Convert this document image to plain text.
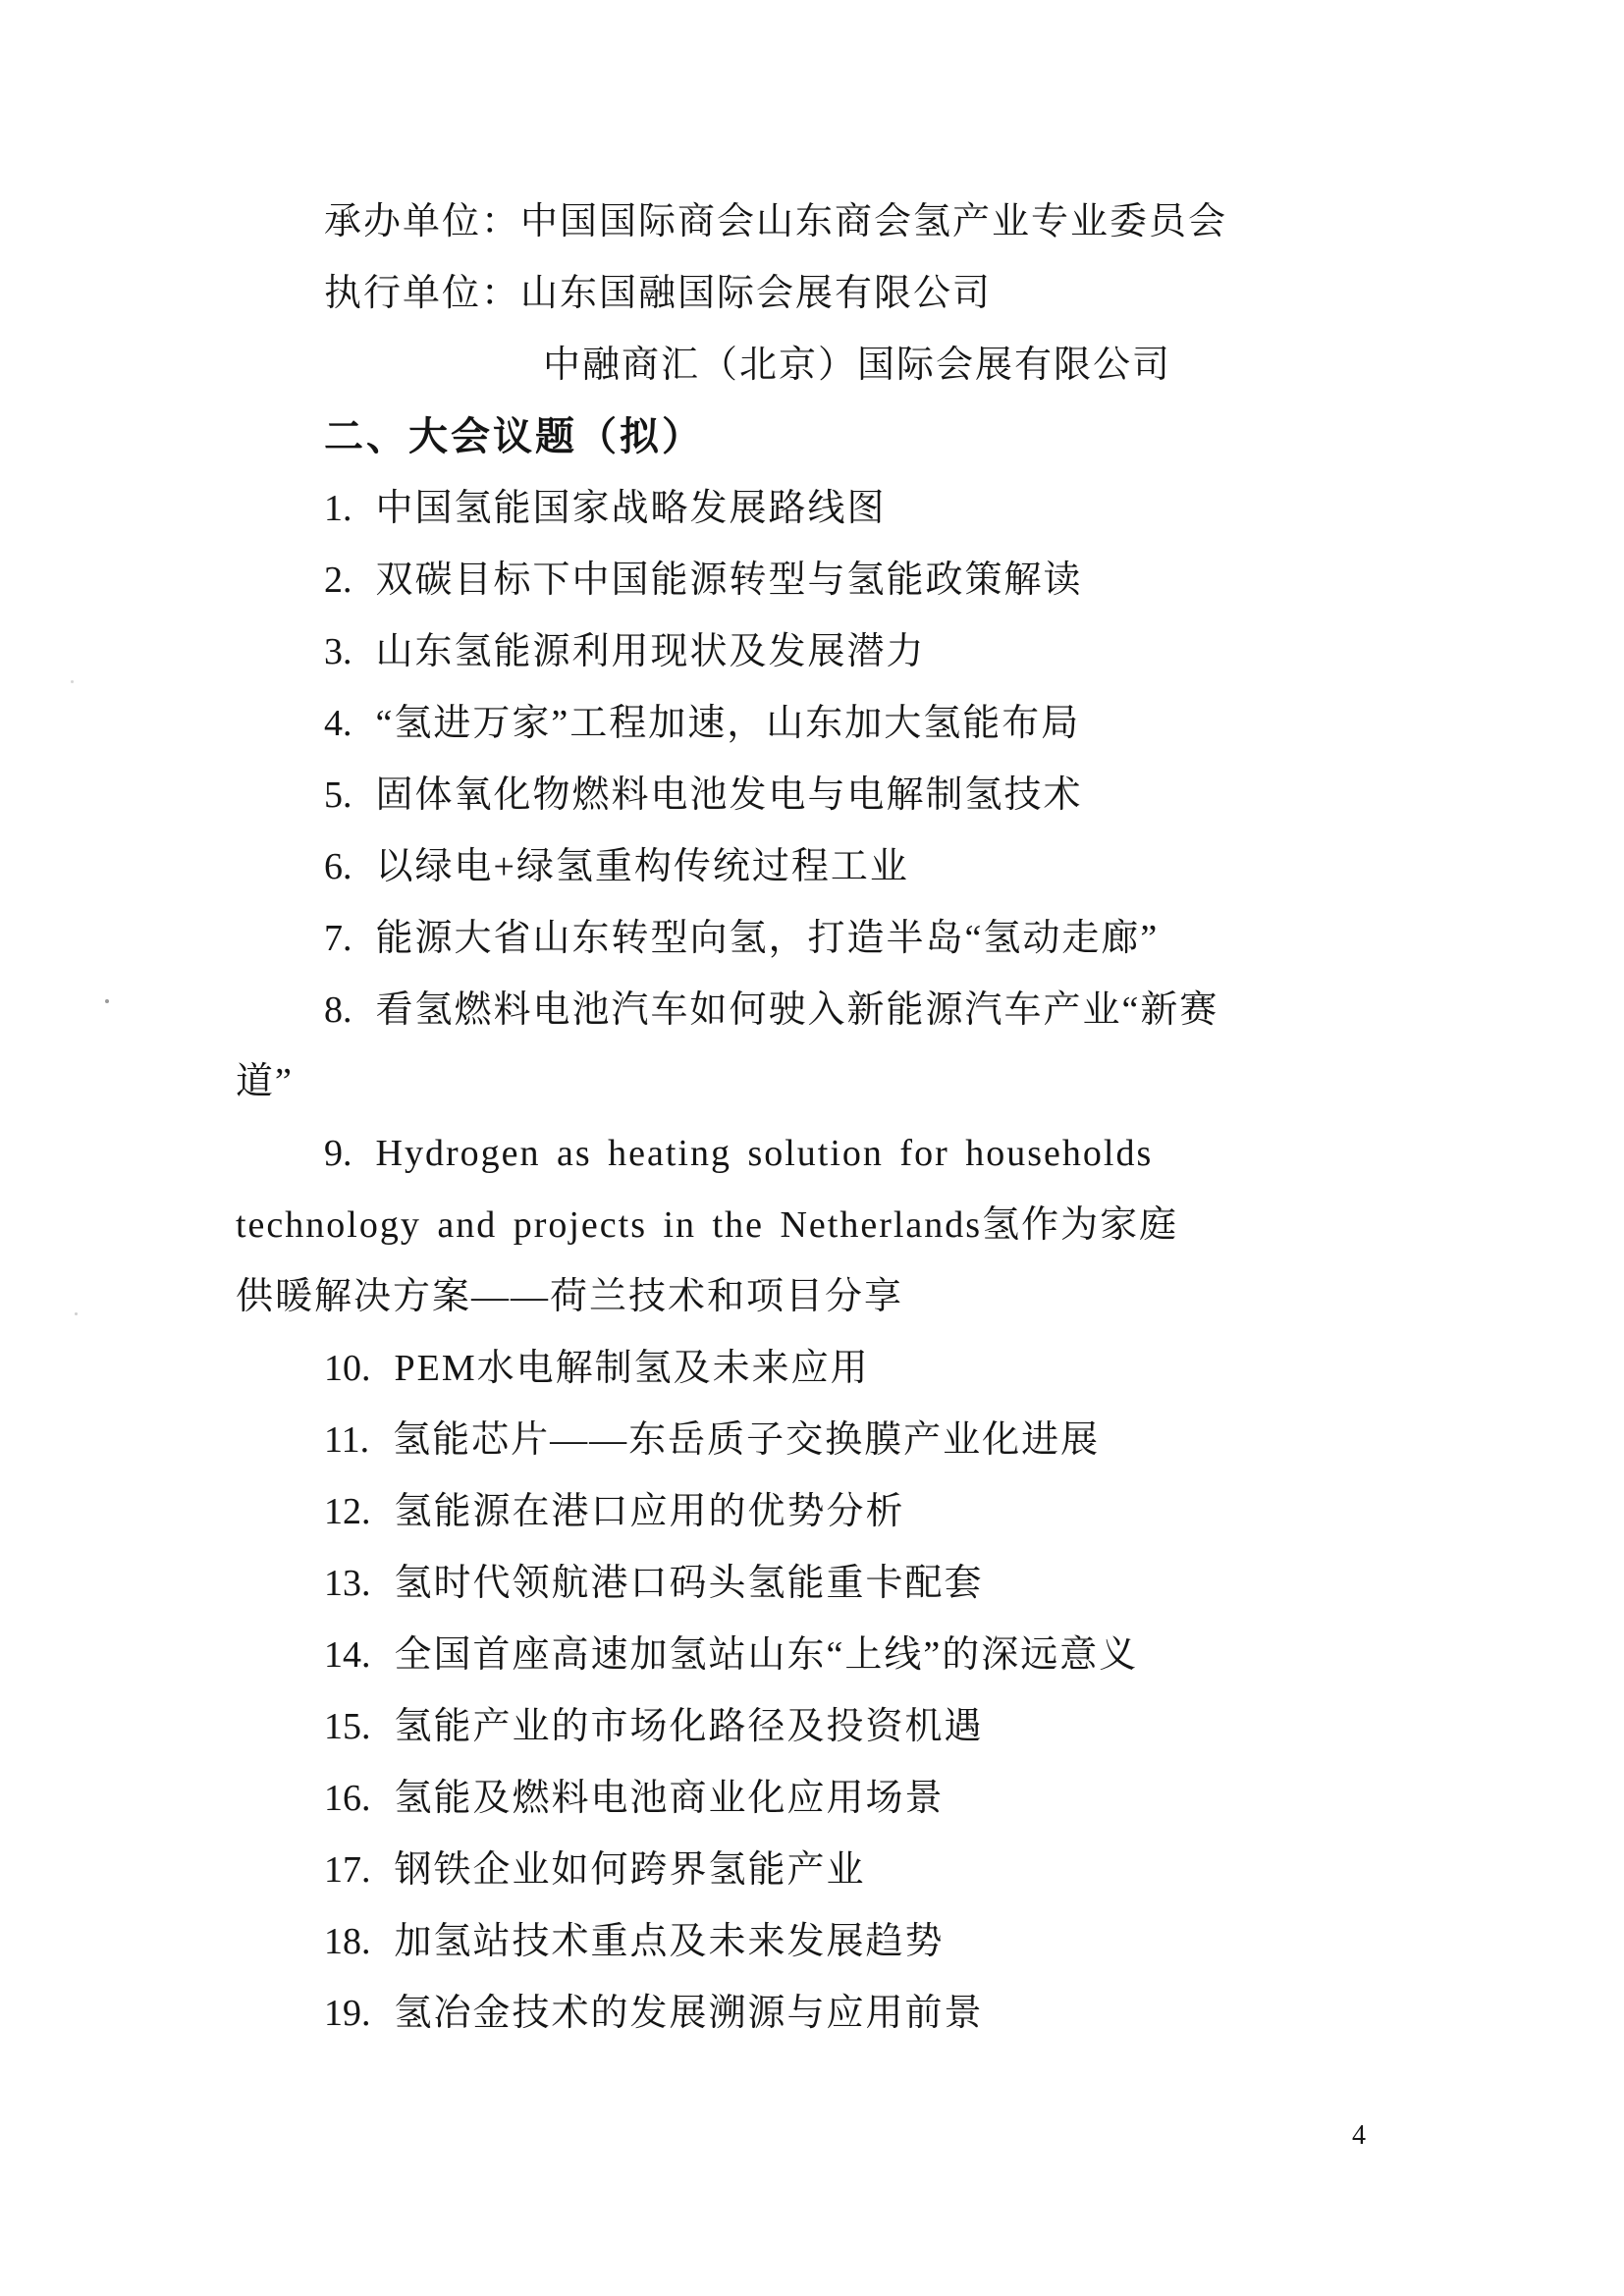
承办单位：中国国际商会山东商会氢产业专业委员会
执行单位：山东国融国际会展有限公司
中融商汇（北京）国际会展有限公司
二、大会议题（拟）
1. 中国氢能国家战略发展路线图
2. 双碳目标下中国能源转型与氢能政策解读
3. 山东氢能源利用现状及发展潜力
4. “氢进万家”工程加速，山东加大氢能布局
5. 固体氧化物燃料电池发电与电解制氢技术
6. 以绿电+绿氢重构传统过程工业
7. 能源大省山东转型向氢，打造半岛“氢动走廊”
8. 看氢燃料电池汽车如何驶入新能源汽车产业“新赛
道”
9. Hydrogen as heating solution for households
technology and projects in the Netherlands氢作为家庭
供暖解决方案——荷兰技术和项目分享
10. PEM水电解制氢及未来应用
11. 氢能芯片——东岳质子交换膜产业化进展
12. 氢能源在港口应用的优势分析
13. 氢时代领航港口码头氢能重卡配套
14. 全国首座高速加氢站山东“上线”的深远意义
15. 氢能产业的市场化路径及投资机遇
16. 氢能及燃料电池商业化应用场景
17. 钢铁企业如何跨界氢能产业
18. 加氢站技术重点及未来发展趋势
19. 氢冶金技术的发展溯源与应用前景
4
